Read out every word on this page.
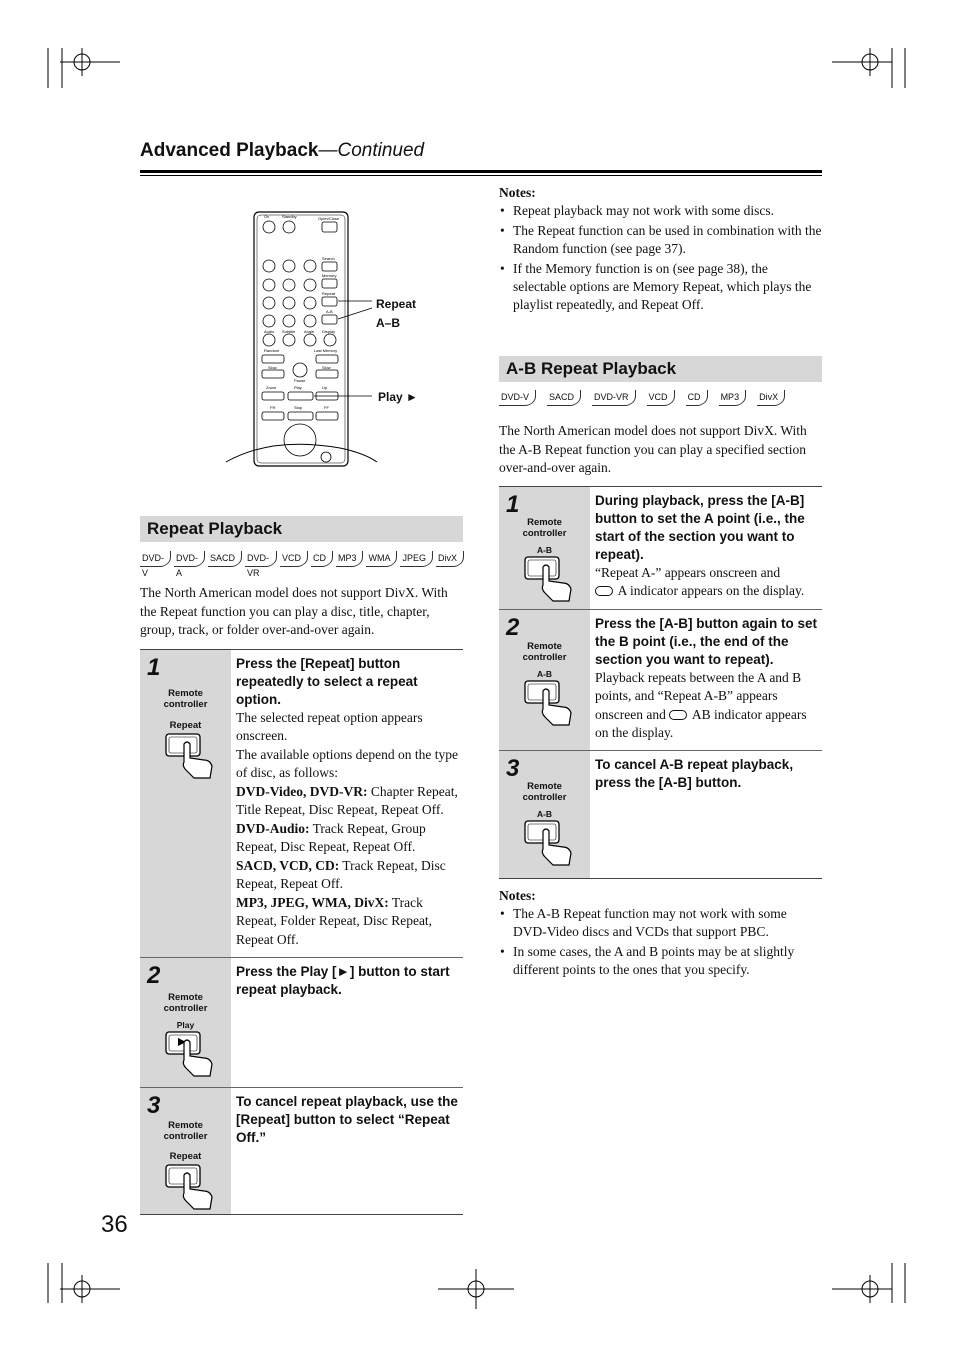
Advanced Playback—Continued
On	Standby	Open/Close
Search
Memory
Repeat
A-B
Audio Subtitle Angle Display
Random	Last Memory
Slow
Pause
Slow
Zoom	Play	Up
FR	Stop	FF
Repeat
A–B
Play ►
Repeat Playback
DVD-V
DVD-A
SACD	DVD-VR
VCD	CD	MP3	WMA	JPEG	DivX

The North American model does not support DivX. With the Repeat function you can play a disc, title, chapter, group, track, or folder over-and-over again.

1
Remote
controller
Repeat
Press the [Repeat] button repeatedly to select a repeat option.
The selected repeat option appears onscreen.
The available options depend on the type of disc, as follows:
DVD-Video, DVD-VR: Chapter Repeat, Title Repeat, Disc Repeat, Repeat Off.
DVD-Audio: Track Repeat, Group Repeat, Disc Repeat, Repeat Off.
SACD, VCD, CD: Track Repeat, Disc Repeat, Repeat Off.
MP3, JPEG, WMA, DivX: Track Repeat, Folder Repeat, Disc Repeat, Repeat Off.
2
Remote
controller
Play
Press the Play [►] button to start repeat playback.
3
Remote
controller
Repeat
To cancel repeat playback, use the [Repeat] button to select “Repeat Off.”
Notes:
• Repeat playback may not work with some discs.
• The Repeat function can be used in combination with the Random function (see page 37).
• If the Memory function is on (see page 38), the selectable options are Memory Repeat, which plays the playlist repeatedly, and Repeat Off.
A-B Repeat Playback
DVD-V	SACD	DVD-VR	VCD	CD	MP3	DivX

The North American model does not support DivX. With the A-B Repeat function you can play a specified section over-and-over again.

1
Remote
controller
A-B
During playback, press the [A-B] button to set the A point (i.e., the start of the section you want to repeat).
“Repeat A-” appears onscreen and
A indicator appears on the display.
2
Remote
controller
A-B
Press the [A-B] button again to set the B point (i.e., the end of the section you want to repeat).
Playback repeats between the A and B points, and “Repeat A-B” appears onscreen and AB indicator appears on the display.
3
Remote
controller
A-B
To cancel A-B repeat playback, press the [A-B] button.
Notes:
• The A-B Repeat function may not work with some DVD-Video discs and VCDs that support PBC.
• In some cases, the A and B points may be at slightly different points to the ones that you specify.
36
